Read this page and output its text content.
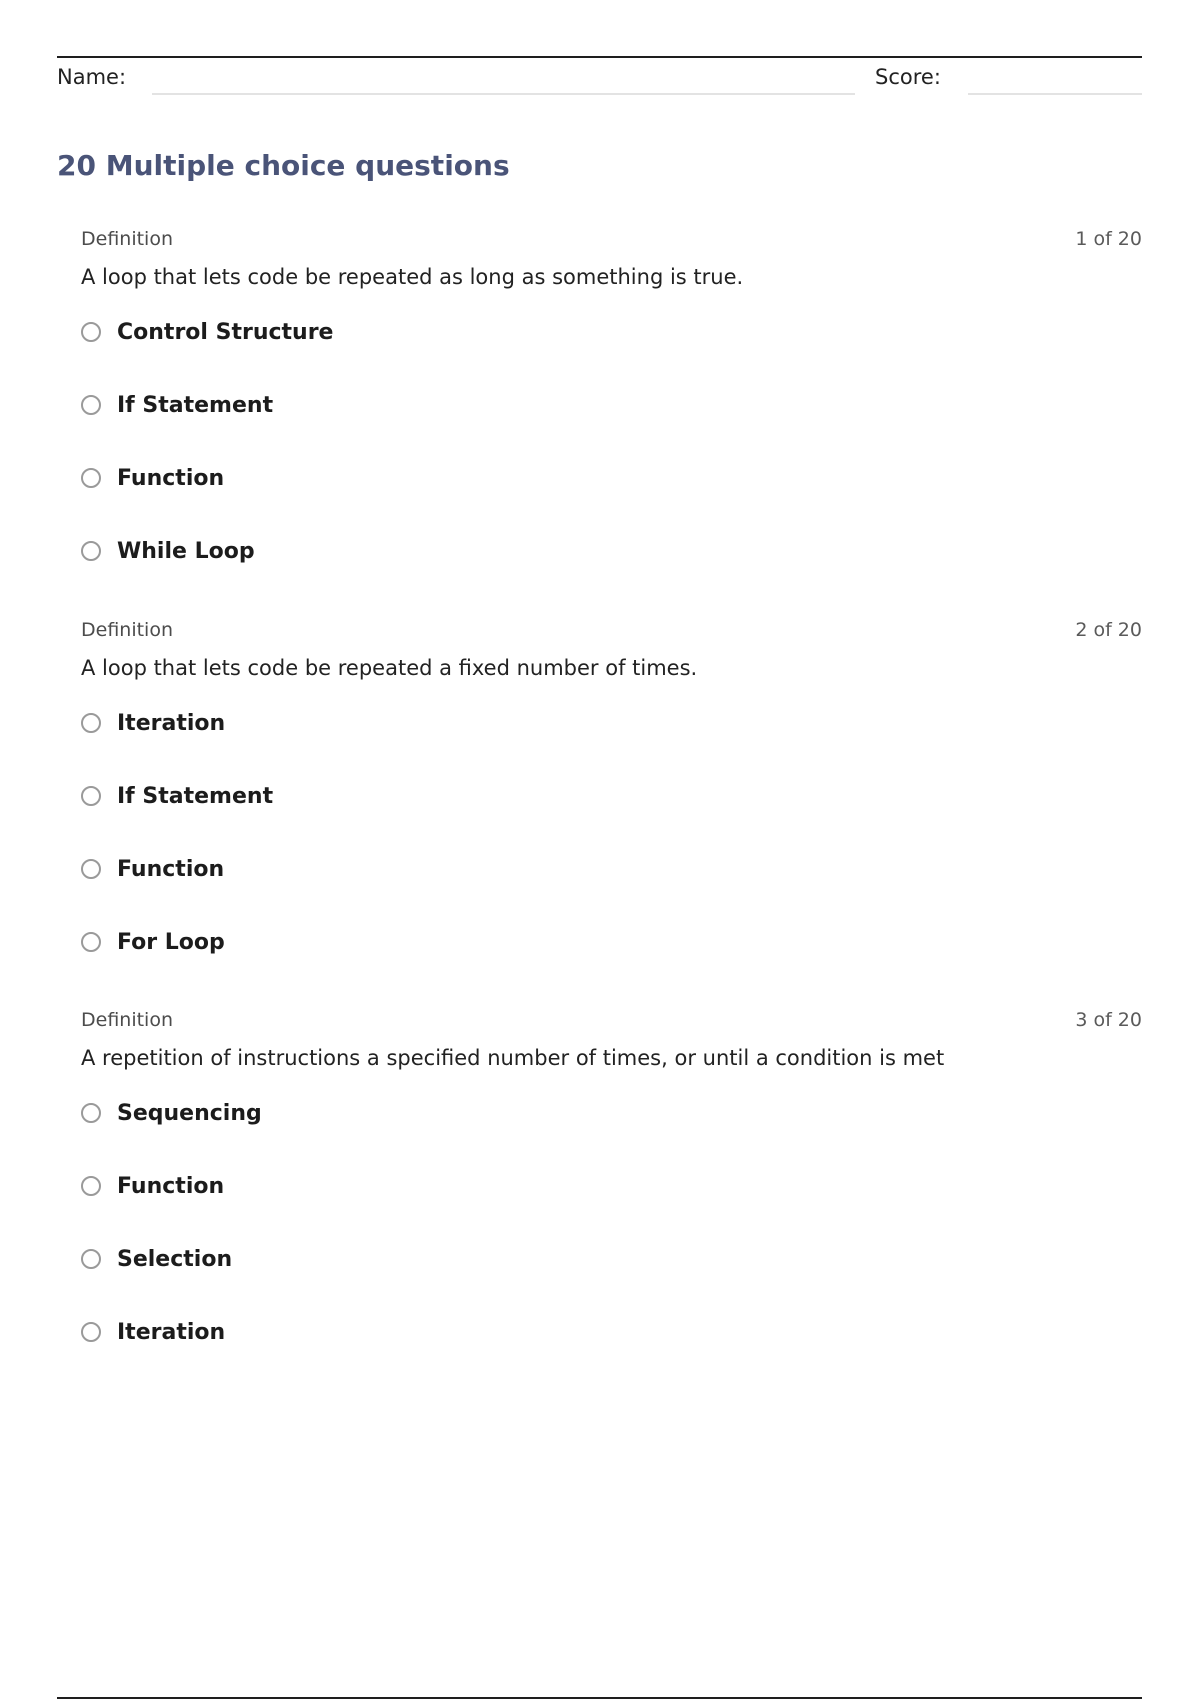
Name:	Score:
20 Multiple choice questions
Definition	1 of 20
A loop that lets code be repeated as long as something is true.
Control Structure
If Statement
Function
While Loop
Definition	2 of 20
A loop that lets code be repeated a fixed number of times.
Iteration
If Statement
Function
For Loop
Definition	3 of 20
A repetition of instructions a specified number of times, or until a condition is met
Sequencing
Function
Selection
Iteration
